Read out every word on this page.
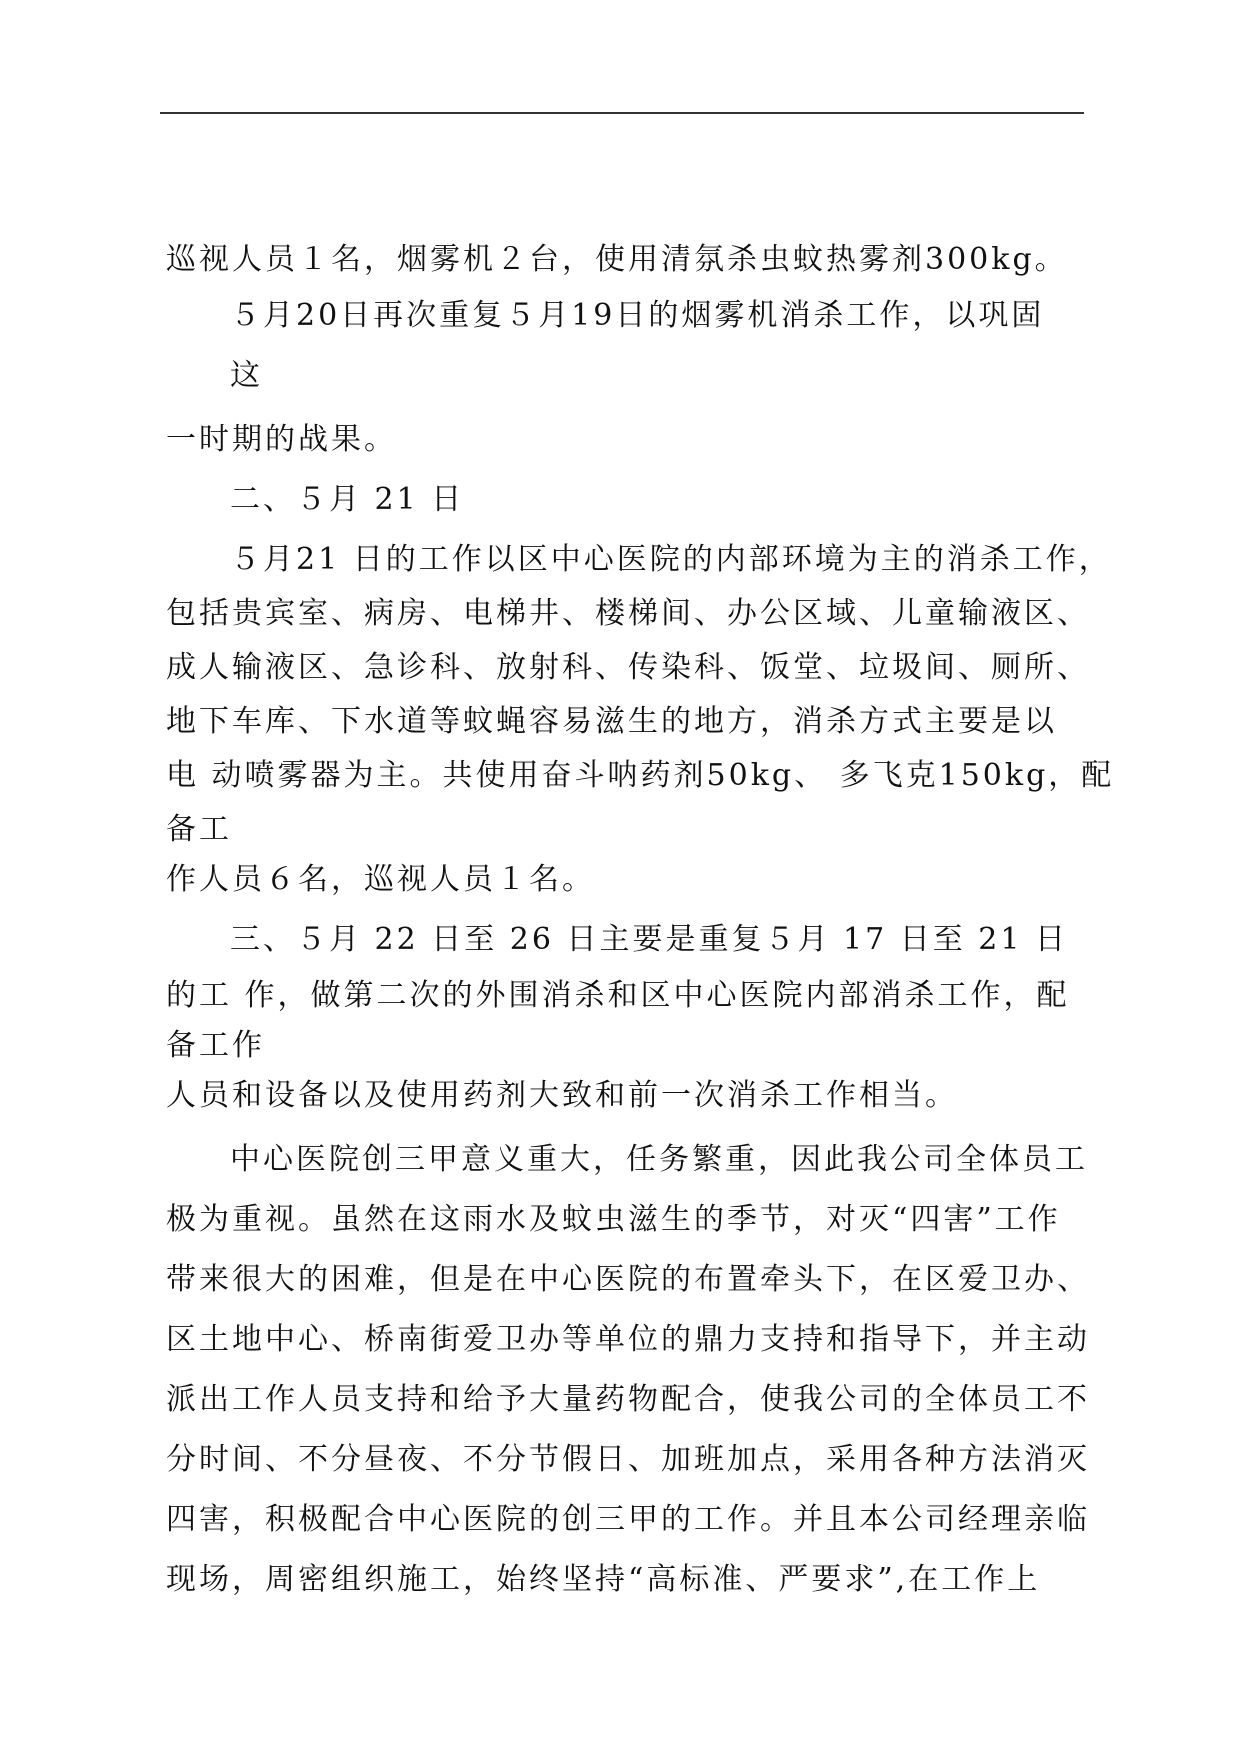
巡视人员１名，烟雾机２台，使用清氛杀虫蚊热雾剂300kg。
５月20日再次重复５月19日的烟雾机消杀工作，以巩固
这
一时期的战果。
二、５月 21 日
５月21 日的工作以区中心医院的内部环境为主的消杀工作，
包括贵宾室、病房、电梯井、楼梯间、办公区域、儿童输液区、
成人输液区、急诊科、放射科、传染科、饭堂、垃圾间、厕所、
地下车库、下水道等蚊蝇容易滋生的地方，消杀方式主要是以
电 动喷雾器为主。共使用奋斗呐药剂50kg、 多飞克150kg，配
备工
作人员６名，巡视人员１名。
三、５月 22 日至 26 日主要是重复５月 17 日至 21 日
的工 作，做第二次的外围消杀和区中心医院内部消杀工作，配
备工作
人员和设备以及使用药剂大致和前一次消杀工作相当。
中心医院创三甲意义重大，任务繁重，因此我公司全体员工
极为重视。虽然在这雨水及蚊虫滋生的季节，对灭“四害”工作
带来很大的困难，但是在中心医院的布置牵头下，在区爱卫办、
区土地中心、桥南街爱卫办等单位的鼎力支持和指导下，并主动
派出工作人员支持和给予大量药物配合，使我公司的全体员工不
分时间、不分昼夜、不分节假日、加班加点，采用各种方法消灭
四害，积极配合中心医院的创三甲的工作。并且本公司经理亲临
现场，周密组织施工，始终坚持“高标准、严要求”,在工作上
